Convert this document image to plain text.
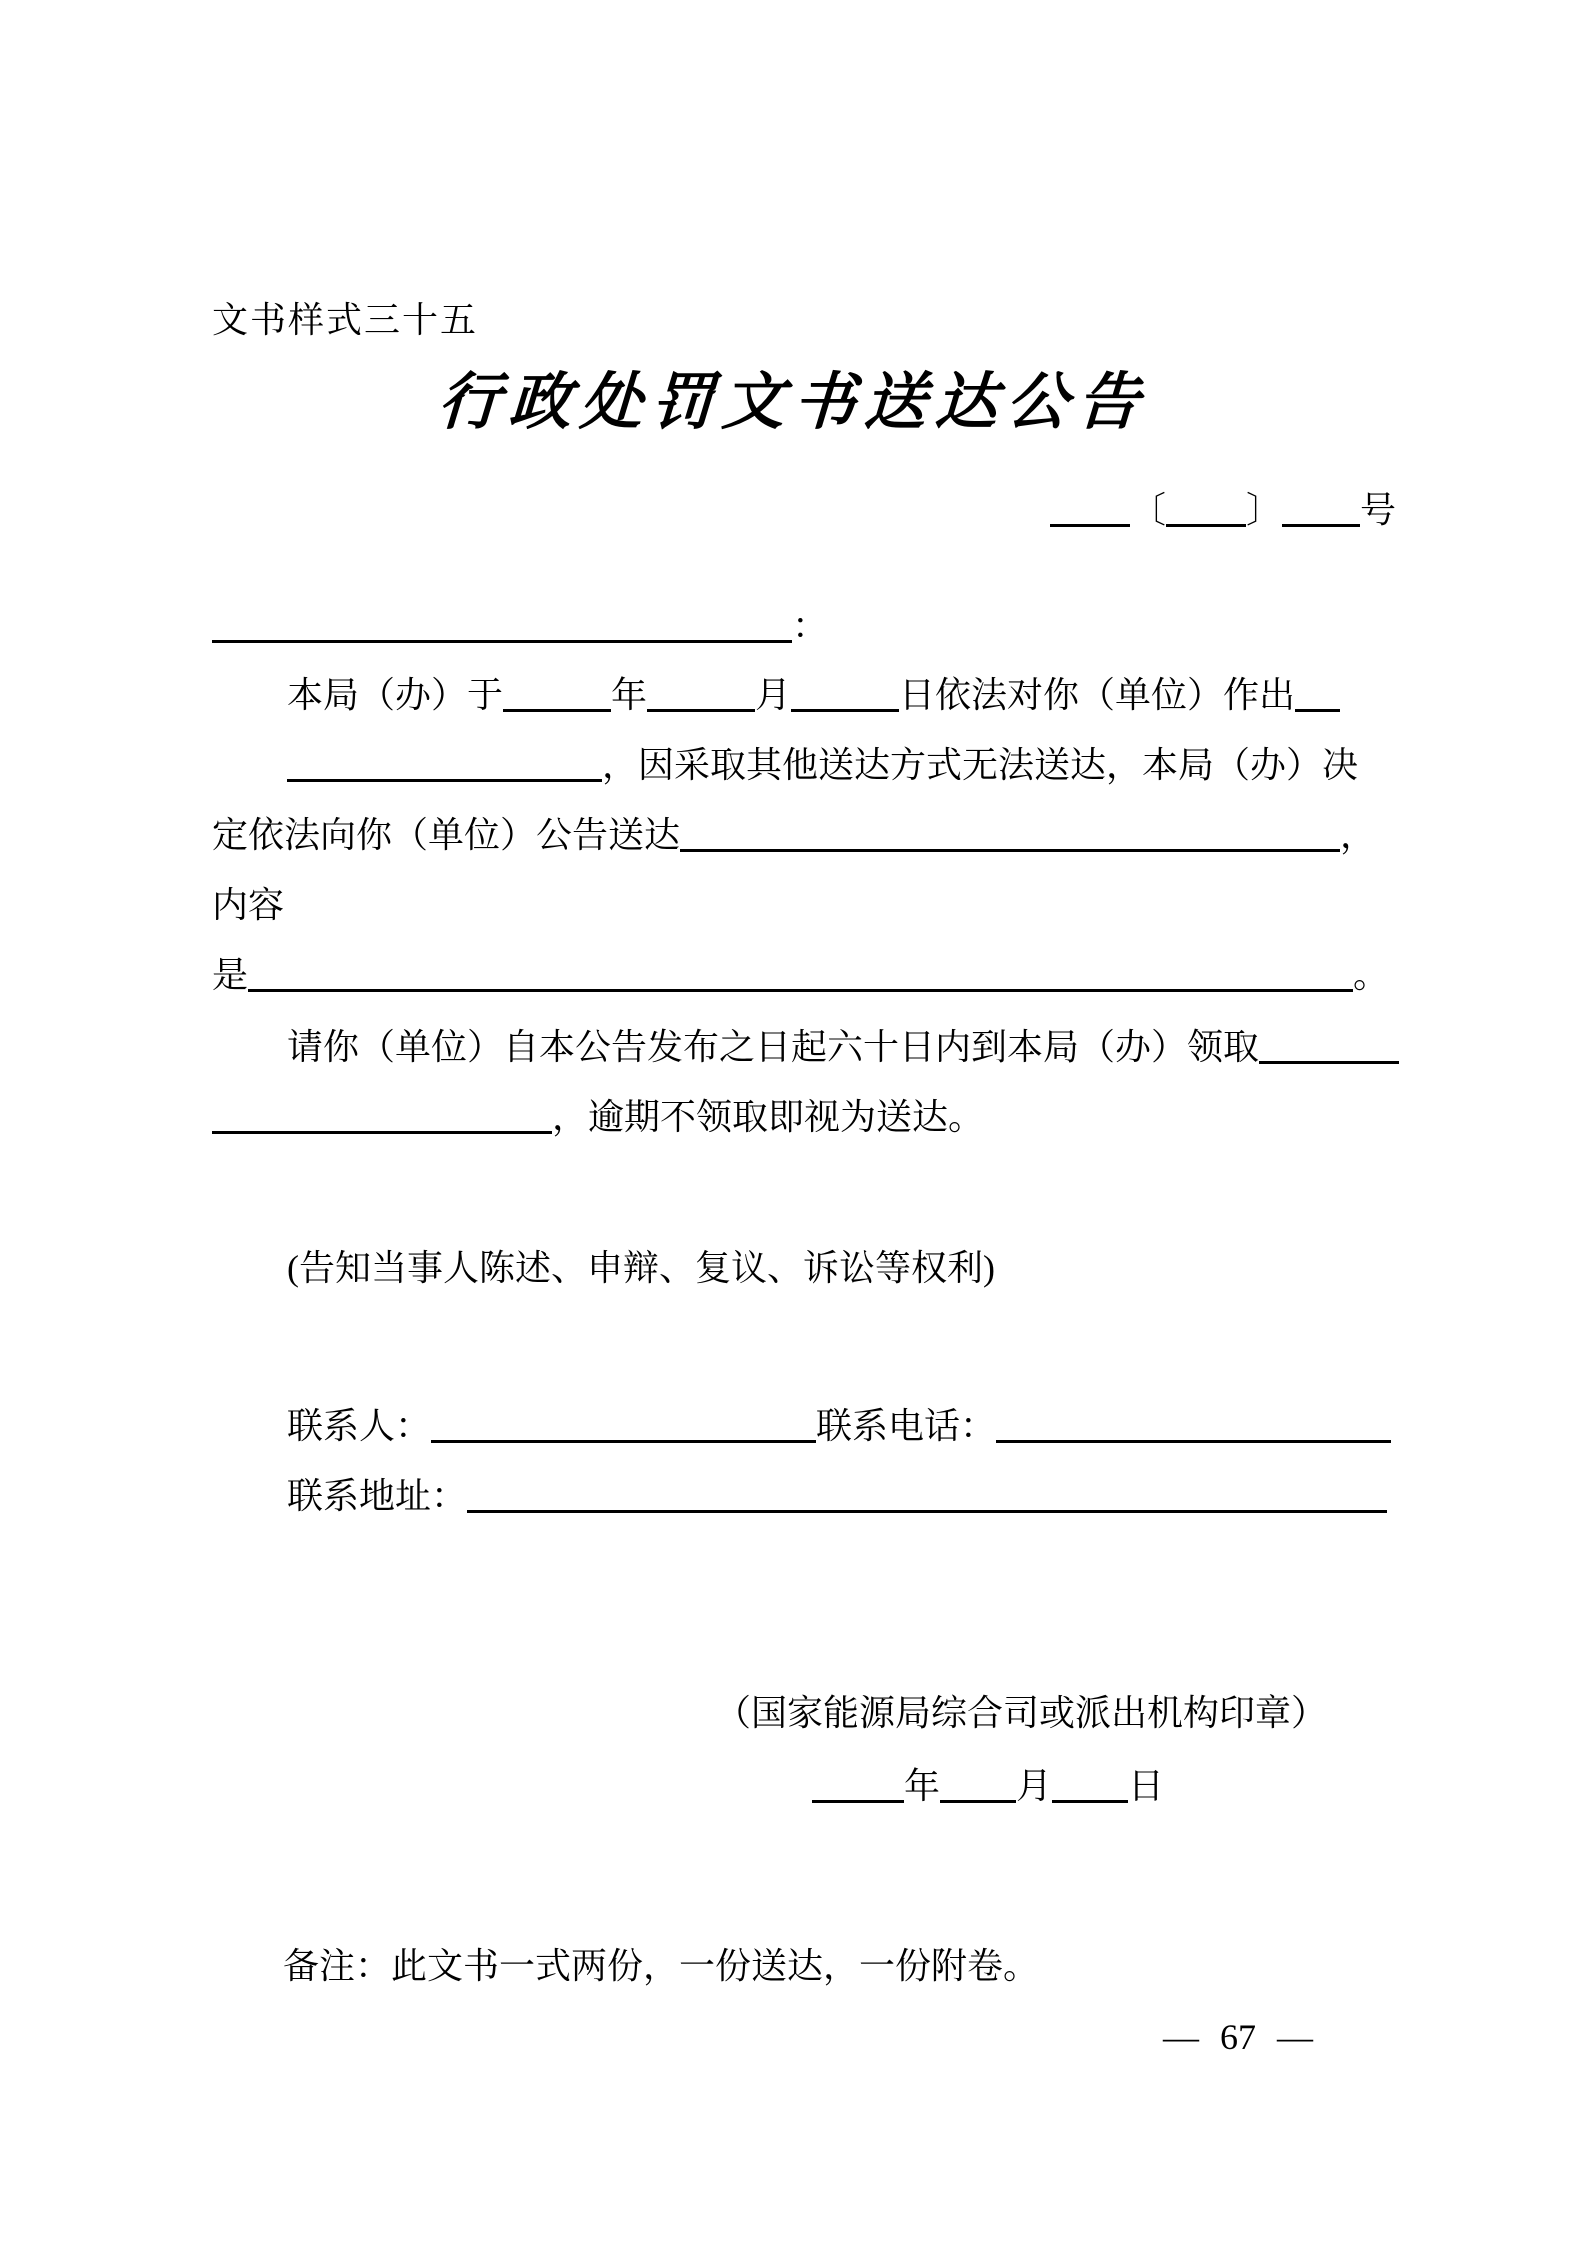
文书样式三十五
行政处罚文书送达公告
〔 〕 号
：
本局（办）于	年	月	日依法对你（单位）作出
，因采取其他送达方式无法送达，本局（办）决
定依法向你（单位）公告送达	，
内容
是	。
请你（单位）自本公告发布之日起六十日内到本局（办）领取
，逾期不领取即视为送达。
(告知当事人陈述、申辩、复议、诉讼等权利)
联系人：	联系电话：
联系地址：
（国家能源局综合司或派出机构印章）
年 月 日
备注：此文书一式两份，一份送达，一份附卷。
— 67 —
